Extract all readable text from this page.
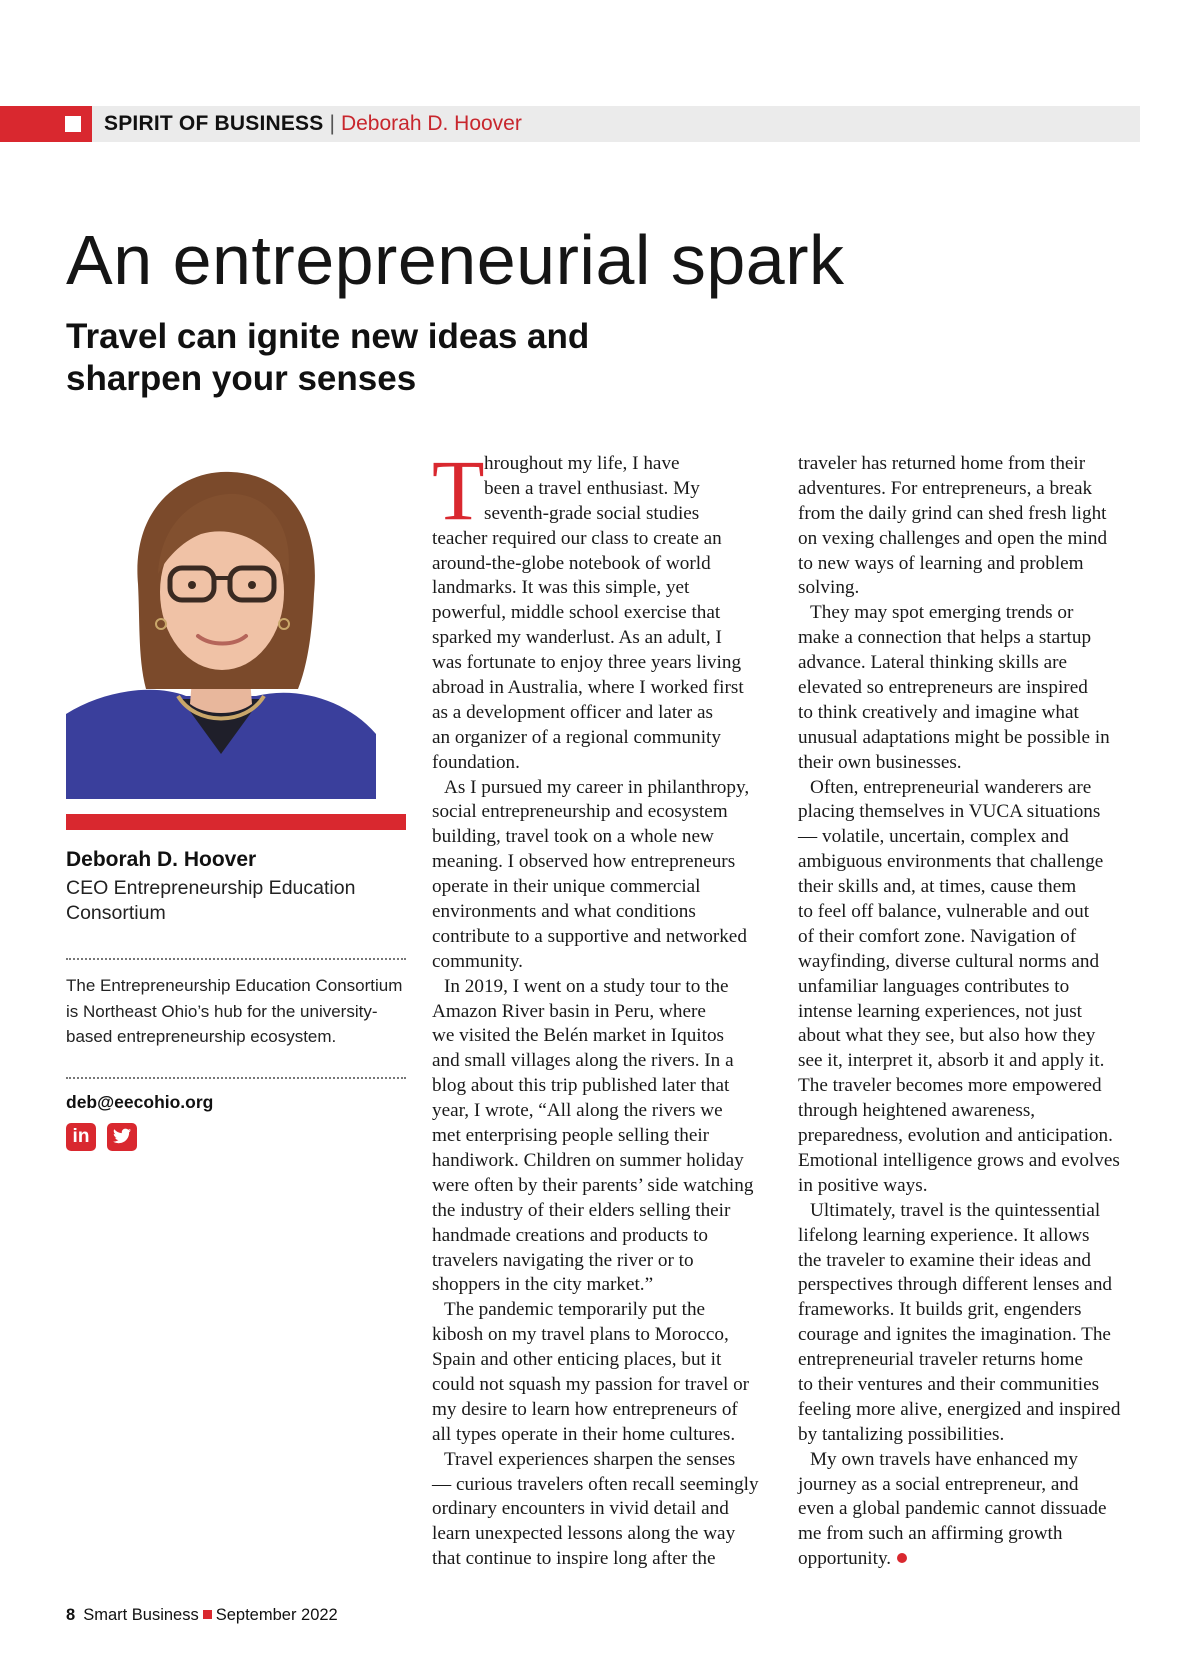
SPIRIT OF BUSINESS | Deborah D. Hoover
An entrepreneurial spark
Travel can ignite new ideas and sharpen your senses
Deborah D. Hoover
CEO Entrepreneurship Education Consortium
The Entrepreneurship Education Consortium is Northeast Ohio’s hub for the university-based entrepreneurship ecosystem.
deb@eecohio.org
in
T hroughout my life, I have
been a travel enthusiast. My
seventh-grade social studies
teacher required our class to create an
around-the-globe notebook of world
landmarks. It was this simple, yet
powerful, middle school exercise that
sparked my wanderlust. As an adult, I
was fortunate to enjoy three years living
abroad in Australia, where I worked first
as a development officer and later as
an organizer of a regional community
foundation.
As I pursued my career in philanthropy,
social entrepreneurship and ecosystem
building, travel took on a whole new
meaning. I observed how entrepreneurs
operate in their unique commercial
environments and what conditions
contribute to a supportive and networked
community.
In 2019, I went on a study tour to the
Amazon River basin in Peru, where
we visited the Belén market in Iquitos
and small villages along the rivers. In a
blog about this trip published later that
year, I wrote, “All along the rivers we
met enterprising people selling their
handiwork. Children on summer holiday
were often by their parents’ side watching
the industry of their elders selling their
handmade creations and products to
travelers navigating the river or to
shoppers in the city market.”
The pandemic temporarily put the
kibosh on my travel plans to Morocco,
Spain and other enticing places, but it
could not squash my passion for travel or
my desire to learn how entrepreneurs of
all types operate in their home cultures.
Travel experiences sharpen the senses
— curious travelers often recall seemingly
ordinary encounters in vivid detail and
learn unexpected lessons along the way
that continue to inspire long after the
traveler has returned home from their
adventures. For entrepreneurs, a break
from the daily grind can shed fresh light
on vexing challenges and open the mind
to new ways of learning and problem
solving.
They may spot emerging trends or
make a connection that helps a startup
advance. Lateral thinking skills are
elevated so entrepreneurs are inspired
to think creatively and imagine what
unusual adaptations might be possible in
their own businesses.
Often, entrepreneurial wanderers are
placing themselves in VUCA situations
— volatile, uncertain, complex and
ambiguous environments that challenge
their skills and, at times, cause them
to feel off balance, vulnerable and out
of their comfort zone. Navigation of
wayfinding, diverse cultural norms and
unfamiliar languages contributes to
intense learning experiences, not just
about what they see, but also how they
see it, interpret it, absorb it and apply it.
The traveler becomes more empowered
through heightened awareness,
preparedness, evolution and anticipation.
Emotional intelligence grows and evolves
in positive ways.
Ultimately, travel is the quintessential
lifelong learning experience. It allows
the traveler to examine their ideas and
perspectives through different lenses and
frameworks. It builds grit, engenders
courage and ignites the imagination. The
entrepreneurial traveler returns home
to their ventures and their communities
feeling more alive, energized and inspired
by tantalizing possibilities.
My own travels have enhanced my
journey as a social entrepreneur, and
even a global pandemic cannot dissuade
me from such an affirming growth
opportunity.
8 Smart Business September 2022
